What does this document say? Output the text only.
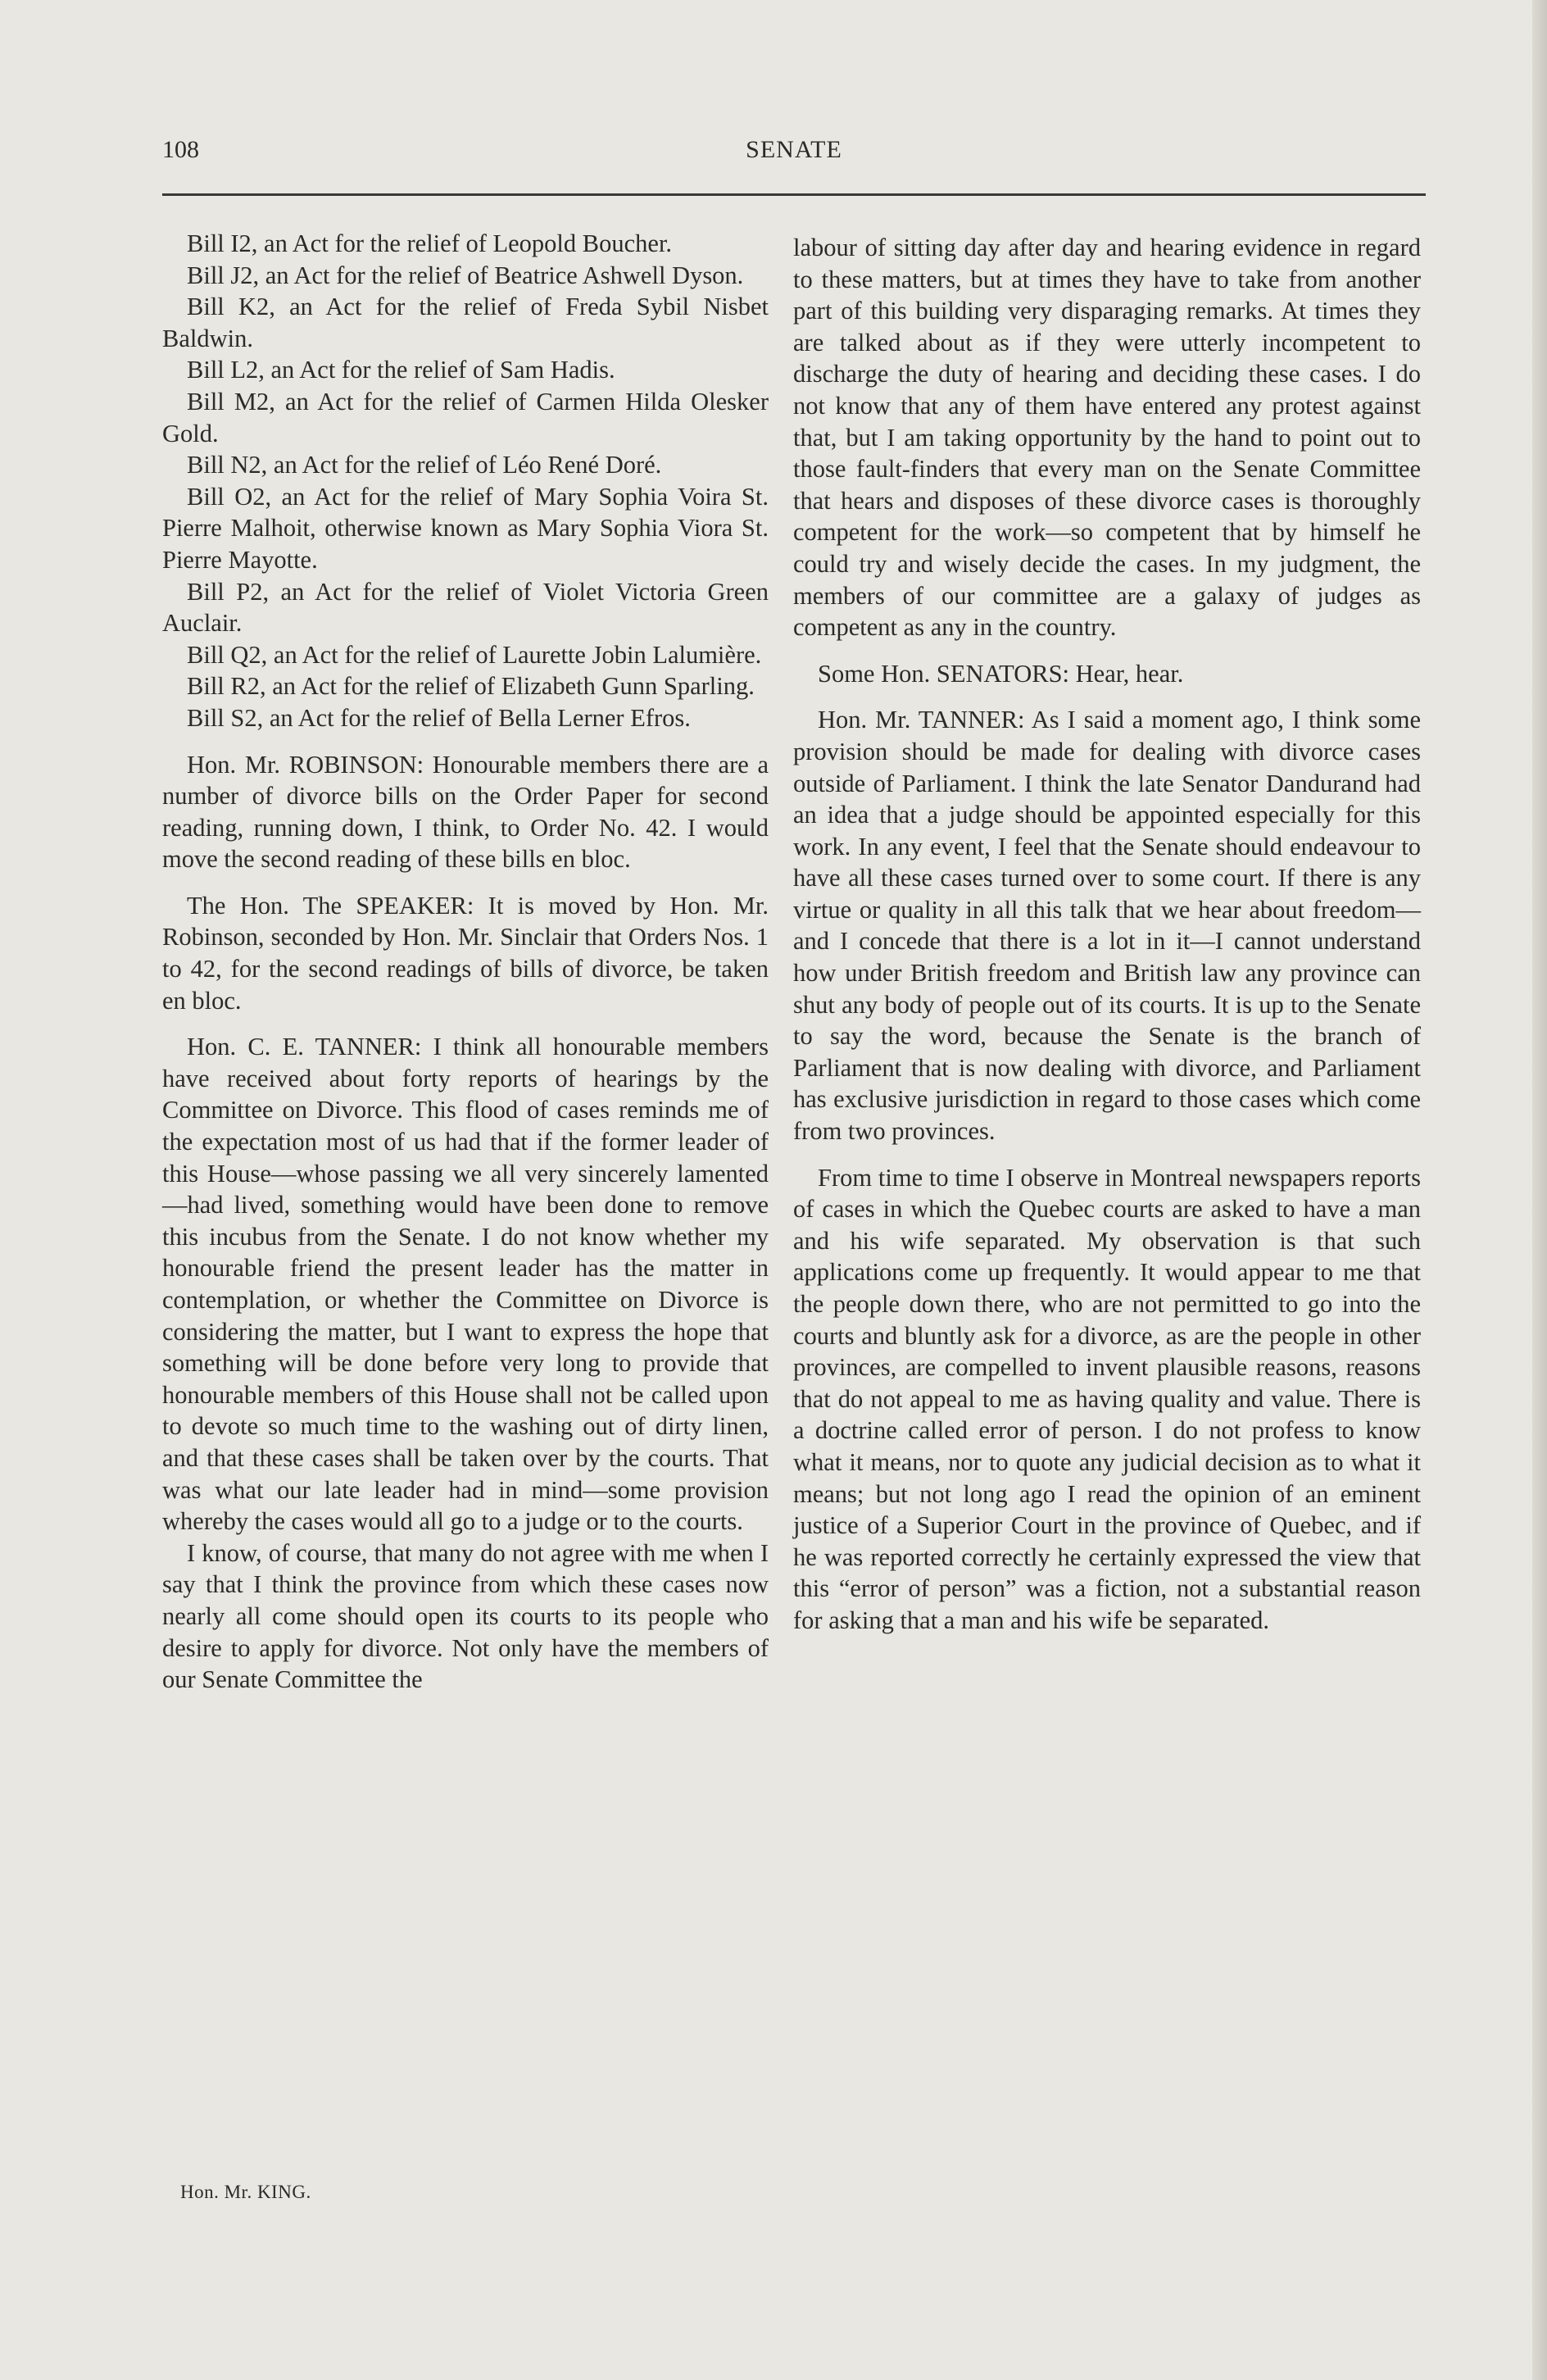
108	SENATE

Bill I2, an Act for the relief of Leopold Boucher.

Bill J2, an Act for the relief of Beatrice Ashwell Dyson.

Bill K2, an Act for the relief of Freda Sybil Nisbet Baldwin.

Bill L2, an Act for the relief of Sam Hadis.

Bill M2, an Act for the relief of Carmen Hilda Olesker Gold.

Bill N2, an Act for the relief of Léo René Doré.

Bill O2, an Act for the relief of Mary Sophia Voira St. Pierre Malhoit, otherwise known as Mary Sophia Viora St. Pierre Mayotte.

Bill P2, an Act for the relief of Violet Victoria Green Auclair.

Bill Q2, an Act for the relief of Laurette Jobin Lalumière.

Bill R2, an Act for the relief of Elizabeth Gunn Sparling.

Bill S2, an Act for the relief of Bella Lerner Efros.

Hon. Mr. ROBINSON: Honourable members there are a number of divorce bills on the Order Paper for second reading, running down, I think, to Order No. 42. I would move the second reading of these bills en bloc.

The Hon. The SPEAKER: It is moved by Hon. Mr. Robinson, seconded by Hon. Mr. Sinclair that Orders Nos. 1 to 42, for the second readings of bills of divorce, be taken en bloc.

Hon. C. E. TANNER: I think all honourable members have received about forty reports of hearings by the Committee on Divorce. This flood of cases reminds me of the expectation most of us had that if the former leader of this House—whose passing we all very sincerely lamented—had lived, something would have been done to remove this incubus from the Senate. I do not know whether my honourable friend the present leader has the matter in contemplation, or whether the Committee on Divorce is considering the matter, but I want to express the hope that something will be done before very long to provide that honourable members of this House shall not be called upon to devote so much time to the washing out of dirty linen, and that these cases shall be taken over by the courts. That was what our late leader had in mind—some provision whereby the cases would all go to a judge or to the courts.

I know, of course, that many do not agree with me when I say that I think the province from which these cases now nearly all come should open its courts to its people who desire to apply for divorce. Not only have the members of our Senate Committee the

labour of sitting day after day and hearing evidence in regard to these matters, but at times they have to take from another part of this building very disparaging remarks. At times they are talked about as if they were utterly incompetent to discharge the duty of hearing and deciding these cases. I do not know that any of them have entered any protest against that, but I am taking opportunity by the hand to point out to those fault-finders that every man on the Senate Committee that hears and disposes of these divorce cases is thoroughly competent for the work—so competent that by himself he could try and wisely decide the cases. In my judgment, the members of our committee are a galaxy of judges as competent as any in the country.

Some Hon. SENATORS: Hear, hear.

Hon. Mr. TANNER: As I said a moment ago, I think some provision should be made for dealing with divorce cases outside of Parliament. I think the late Senator Dandurand had an idea that a judge should be appointed especially for this work. In any event, I feel that the Senate should endeavour to have all these cases turned over to some court. If there is any virtue or quality in all this talk that we hear about freedom—and I concede that there is a lot in it—I cannot understand how under British freedom and British law any province can shut any body of people out of its courts. It is up to the Senate to say the word, because the Senate is the branch of Parliament that is now dealing with divorce, and Parliament has exclusive jurisdiction in regard to those cases which come from two provinces.

From time to time I observe in Montreal newspapers reports of cases in which the Quebec courts are asked to have a man and his wife separated. My observation is that such applications come up frequently. It would appear to me that the people down there, who are not permitted to go into the courts and bluntly ask for a divorce, as are the people in other provinces, are compelled to invent plausible reasons, reasons that do not appeal to me as having quality and value. There is a doctrine called error of person. I do not profess to know what it means, nor to quote any judicial decision as to what it means; but not long ago I read the opinion of an eminent justice of a Superior Court in the province of Quebec, and if he was reported correctly he certainly expressed the view that this “error of person” was a fiction, not a substantial reason for asking that a man and his wife be separated.

Hon. Mr. KING.
